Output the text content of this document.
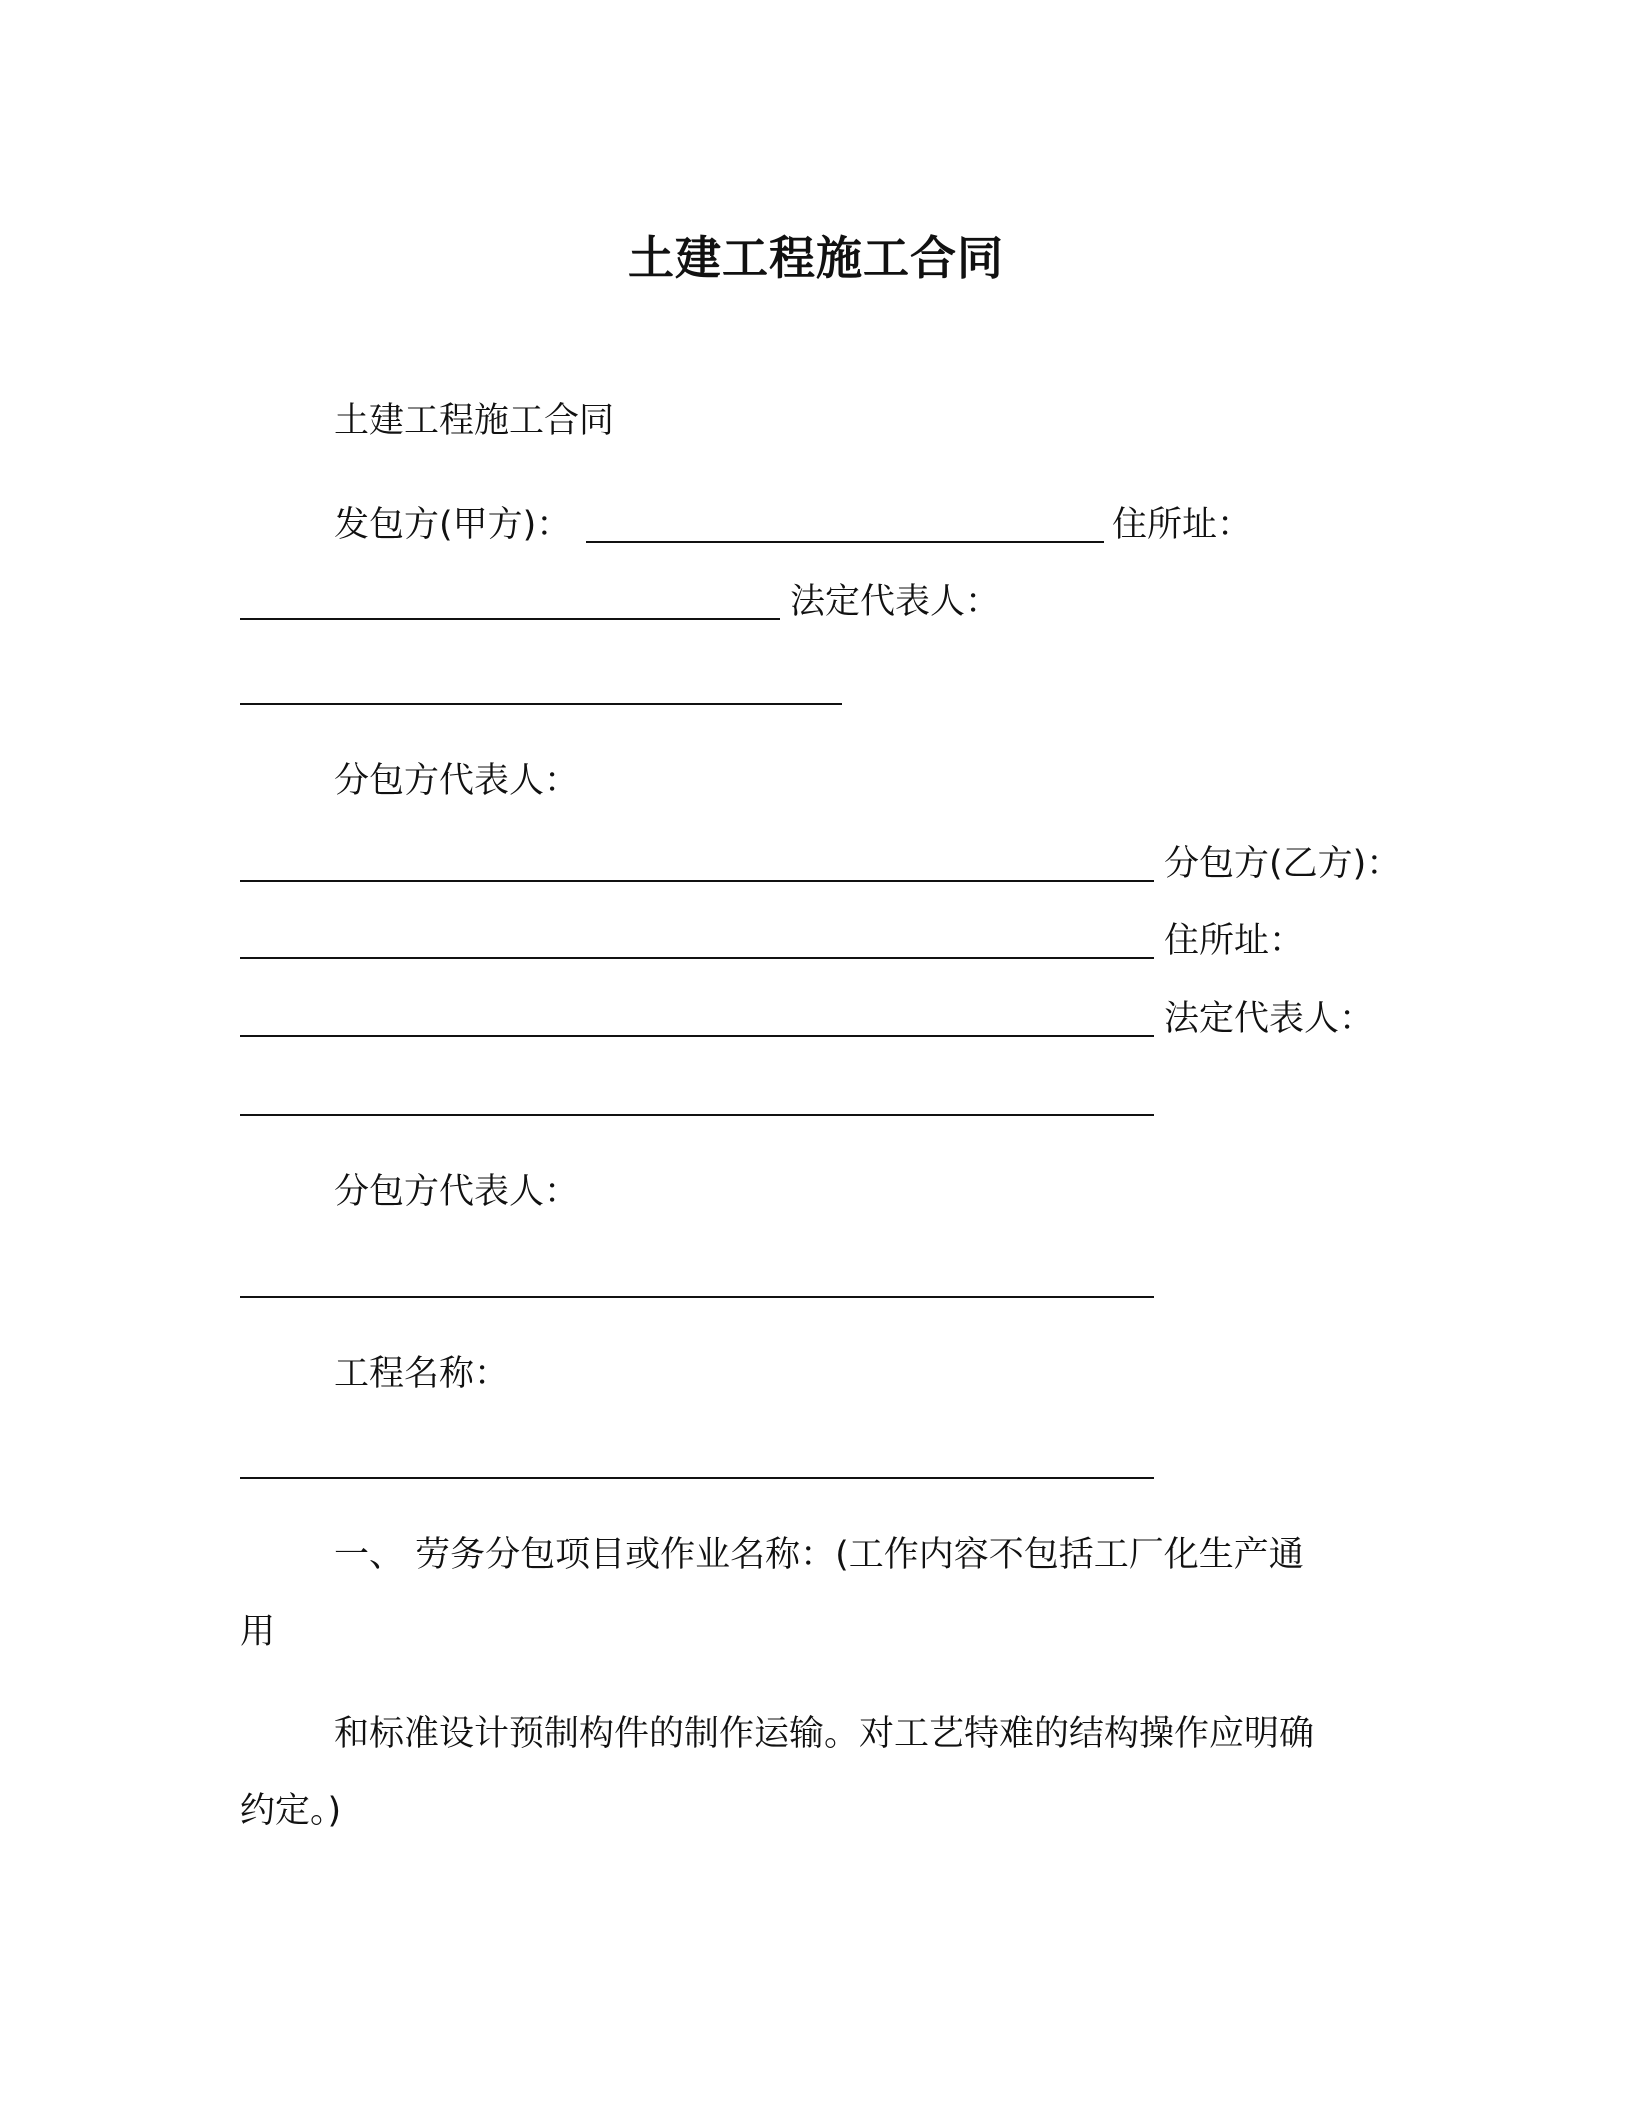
土建工程施工合同
土建工程施工合同
发包方(甲方)：	住所址：
法定代表人：
分包方代表人：
分包方(乙方)：
住所址：
法定代表人：
分包方代表人：
工程名称：
一、 劳务分包项目或作业名称：(工作内容不包括工厂化生产通
用
和标准设计预制构件的制作运输。对工艺特难的结构操作应明确
约定。)
